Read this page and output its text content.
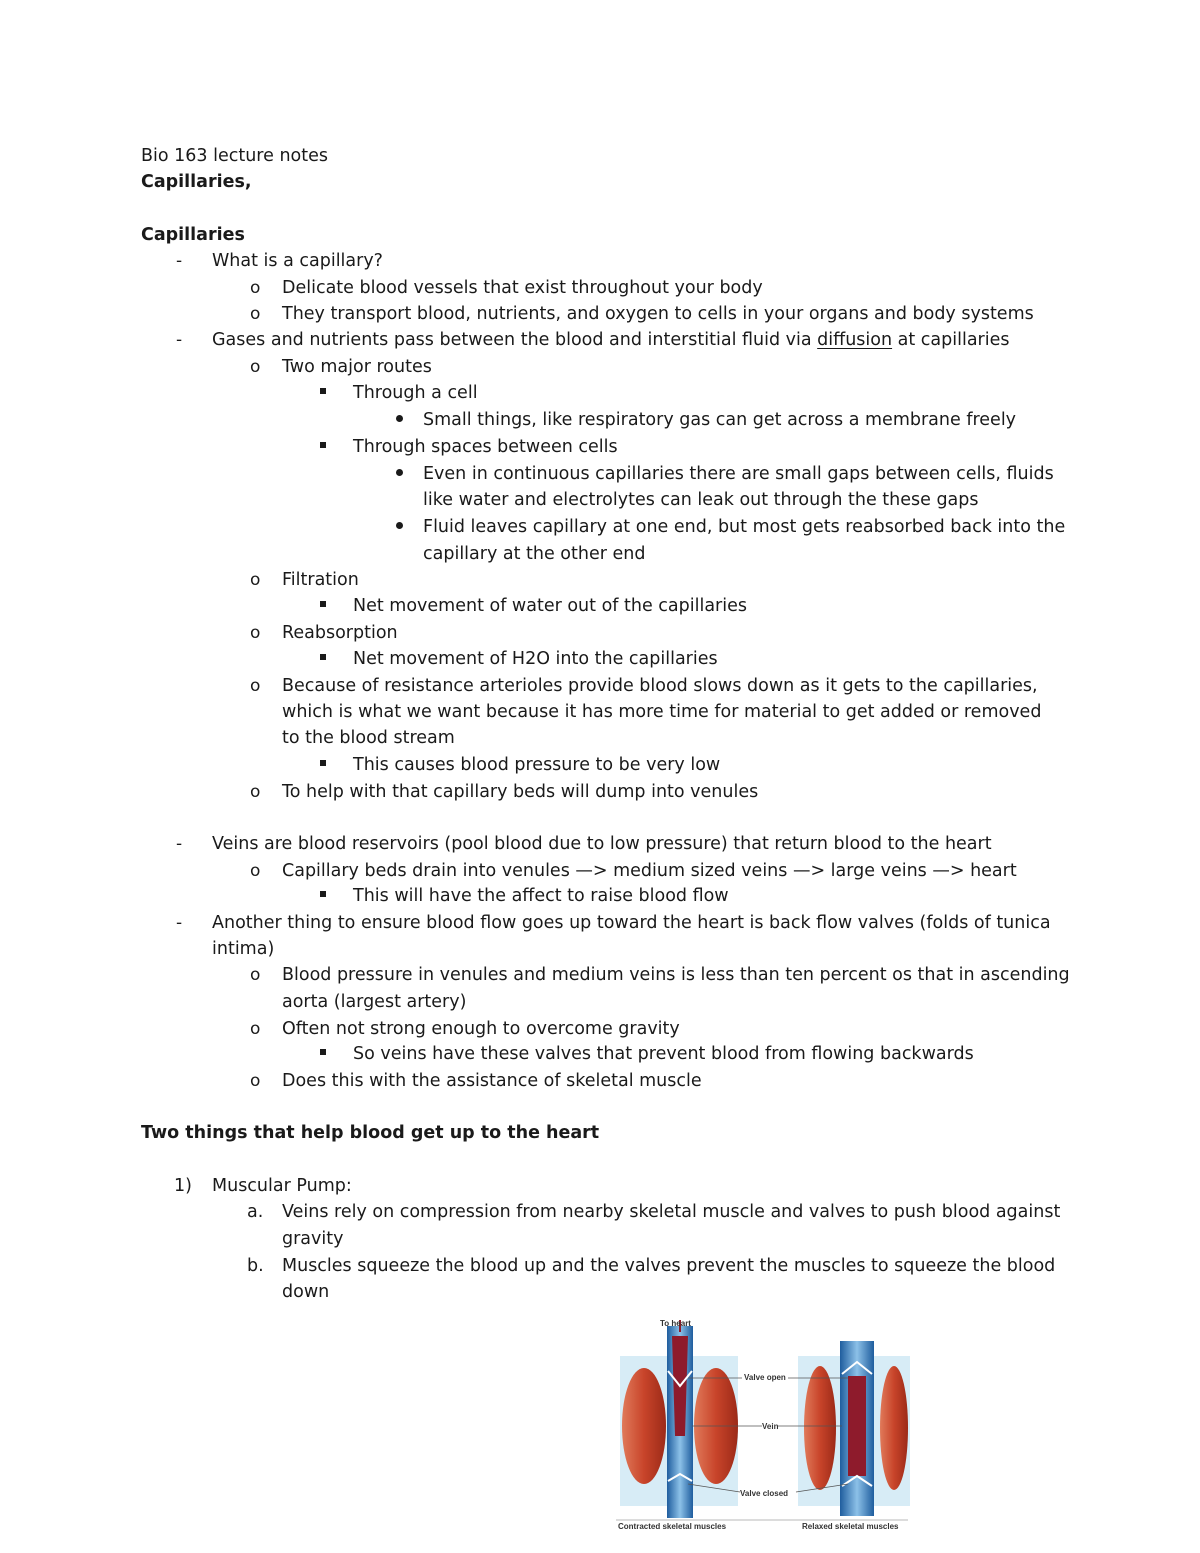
Bio 163 lecture notes
Capillaries,
Capillaries
- What is a capillary?
o Delicate blood vessels that exist throughout your body
o They transport blood, nutrients, and oxygen to cells in your organs and body systems
- Gases and nutrients pass between the blood and interstitial fluid via diffusion at capillaries
o Two major routes
Through a cell
Small things, like respiratory gas can get across a membrane freely
Through spaces between cells
Even in continuous capillaries there are small gaps between cells, fluids
like water and electrolytes can leak out through the these gaps
Fluid leaves capillary at one end, but most gets reabsorbed back into the
capillary at the other end
o Filtration
Net movement of water out of the capillaries
o Reabsorption
Net movement of H2O into the capillaries
o Because of resistance arterioles provide blood slows down as it gets to the capillaries,
which is what we want because it has more time for material to get added or removed
to the blood stream
This causes blood pressure to be very low
o To help with that capillary beds will dump into venules
- Veins are blood reservoirs (pool blood due to low pressure) that return blood to the heart
o Capillary beds drain into venules —> medium sized veins —> large veins —> heart
This will have the affect to raise blood flow
- Another thing to ensure blood flow goes up toward the heart is back flow valves (folds of tunica
intima)
o Blood pressure in venules and medium veins is less than ten percent os that in ascending
aorta (largest artery)
o Often not strong enough to overcome gravity
So veins have these valves that prevent blood from flowing backwards
o Does this with the assistance of skeletal muscle
Two things that help blood get up to the heart
1) Muscular Pump:
a. Veins rely on compression from nearby skeletal muscle and valves to push blood against
gravity
b. Muscles squeeze the blood up and the valves prevent the muscles to squeeze the blood
down
To heart
Valve open
Vein
Valve closed
Contracted skeletal muscles	Relaxed skeletal muscles
